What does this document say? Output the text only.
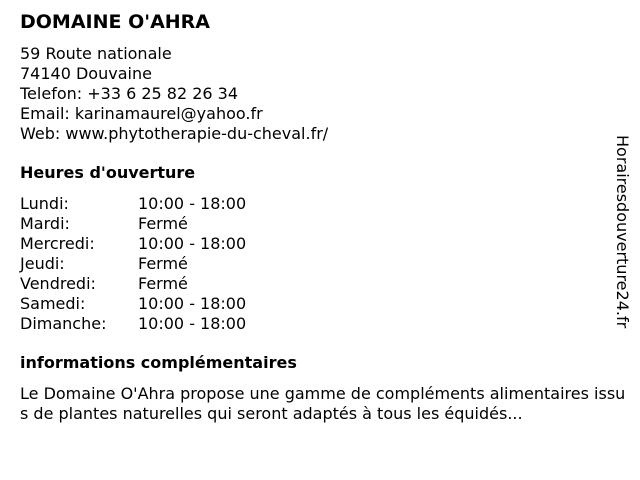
DOMAINE O'AHRA
59 Route nationale
74140 Douvaine
Telefon: +33 6 25 82 26 34
Email: karinamaurel@yahoo.fr
Web: www.phytotherapie-du-cheval.fr/
Heures d'ouverture
Lundi:	10:00 - 18:00
Mardi:	Fermé
Mercredi:	10:00 - 18:00
Jeudi:	Fermé
Vendredi:	Fermé
Samedi:	10:00 - 18:00
Dimanche:	10:00 - 18:00
informations complémentaires
Le Domaine O'Ahra propose une gamme de compléments alimentaires issus de plantes naturelles qui seront adaptés à tous les équidés...
Horairesdouverture24.fr
